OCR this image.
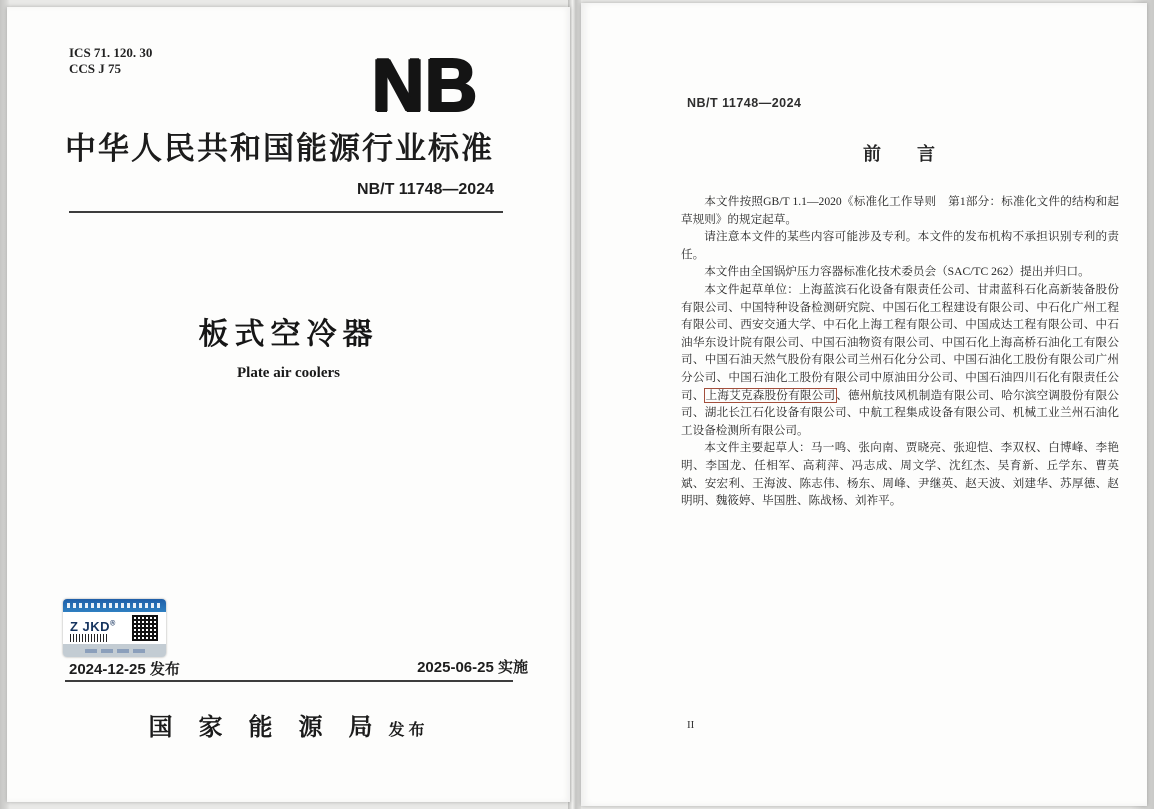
ICS 71. 120. 30
CCS J 75	NB
中华人民共和国能源行业标准
NB/T 11748—2024
板式空冷器
Plate air coolers
Z JKD®
2024-12-25 发布	2025-06-25 实施
国 家 能 源 局 发布
NB/T 11748—2024
前　　言

本文件按照GB/T 1.1—2020《标准化工作导则　第1部分：标准化文件的结构和起草规则》的规定起草。

请注意本文件的某些内容可能涉及专利。本文件的发布机构不承担识别专利的责任。

本文件由全国锅炉压力容器标准化技术委员会（SAC/TC 262）提出并归口。

本文件起草单位：上海蓝滨石化设备有限责任公司、甘肃蓝科石化高新装备股份有限公司、中国特种设备检测研究院、中国石化工程建设有限公司、中石化广州工程有限公司、西安交通大学、中石化上海工程有限公司、中国成达工程有限公司、中石油华东设计院有限公司、中国石油物资有限公司、中国石化上海高桥石油化工有限公司、中国石油天然气股份有限公司兰州石化分公司、中国石油化工股份有限公司广州分公司、中国石油化工股份有限公司中原油田分公司、中国石油四川石化有限责任公司、上海艾克森股份有限公司、德州航技风机制造有限公司、哈尔滨空调股份有限公司、湖北长江石化设备有限公司、中航工程集成设备有限公司、机械工业兰州石油化工设备检测所有限公司。

本文件主要起草人：马一鸣、张向南、贾晓亮、张迎恺、李双权、白博峰、李艳明、李国龙、任相军、高莉萍、冯志成、周文学、沈红杰、吴育新、丘学东、曹英斌、安宏利、王海波、陈志伟、杨东、周峰、尹继英、赵天波、刘建华、苏厚德、赵明明、魏筱婷、毕国胜、陈战杨、刘祚平。

II
